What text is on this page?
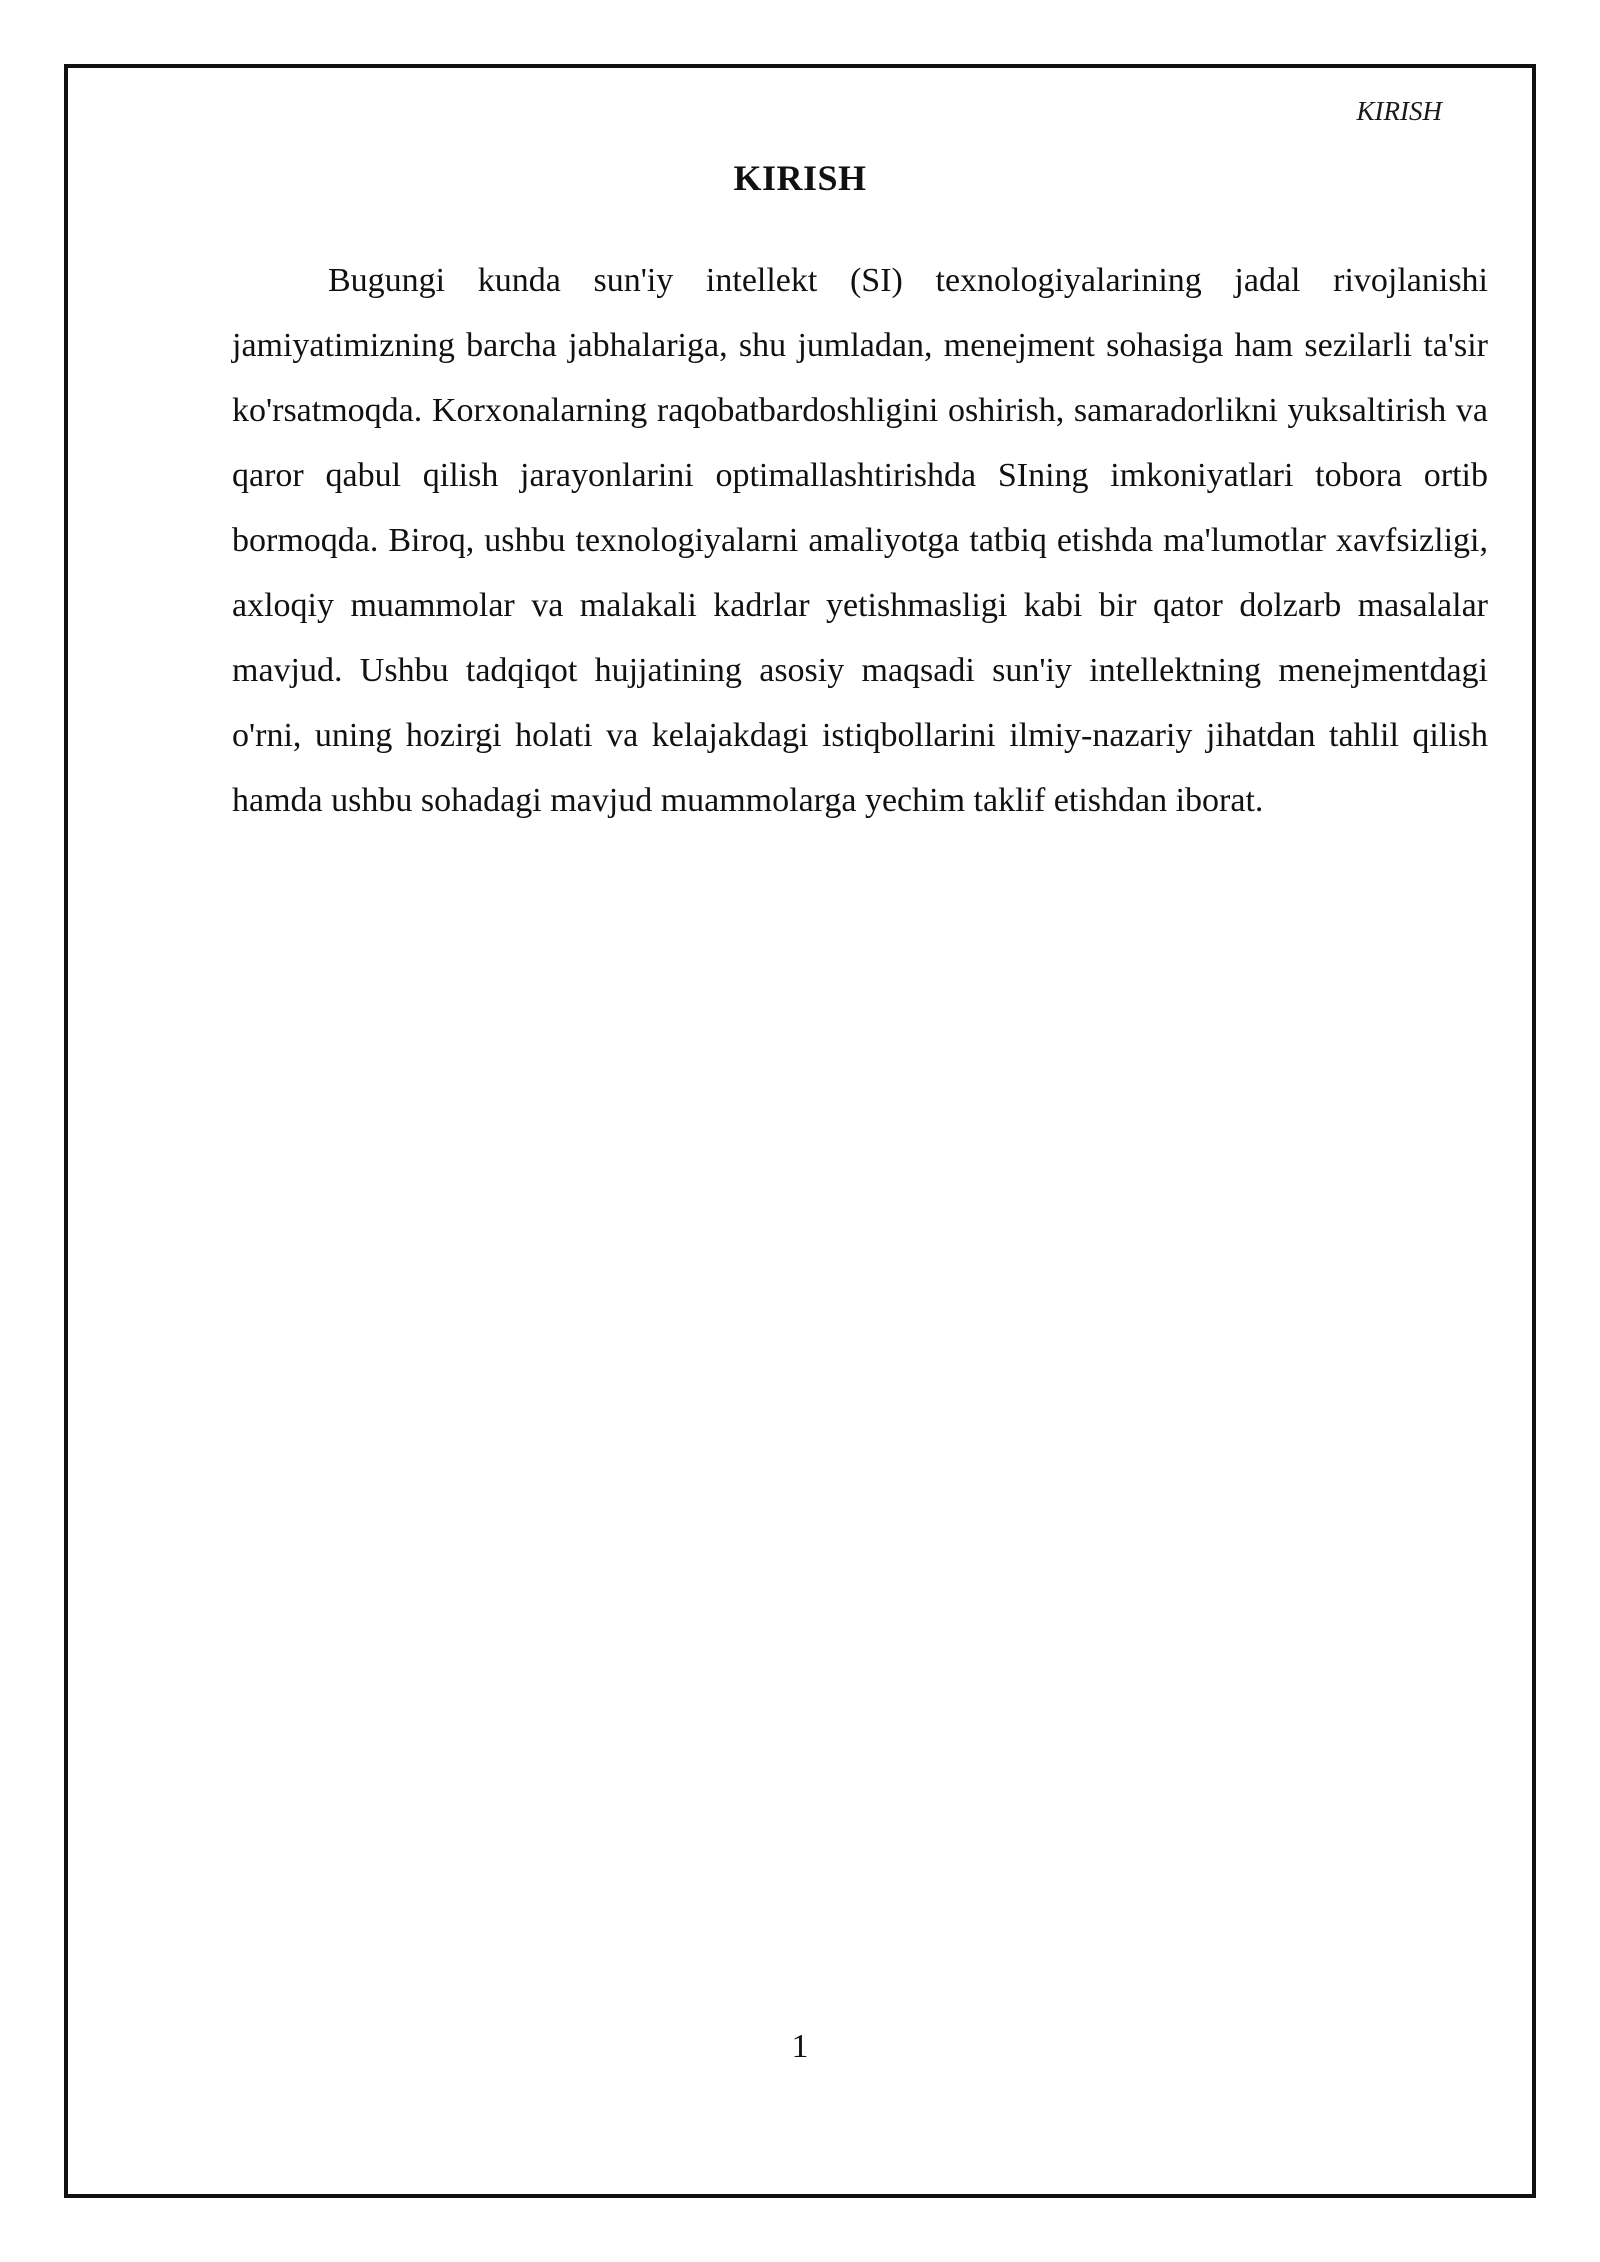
KIRISH
KIRISH

Bugungi kunda sun'iy intellekt (SI) texnologiyalarining jadal rivojlanishi jamiyatimizning barcha jabhalariga, shu jumladan, menejment sohasiga ham sezilarli ta'sir ko'rsatmoqda. Korxonalarning raqobatbardoshligini oshirish, samaradorlikni yuksaltirish va qaror qabul qilish jarayonlarini optimallashtirishda SIning imkoniyatlari tobora ortib bormoqda. Biroq, ushbu texnologiyalarni amaliyotga tatbiq etishda ma'lumotlar xavfsizligi, axloqiy muammolar va malakali kadrlar yetishmasligi kabi bir qator dolzarb masalalar mavjud. Ushbu tadqiqot hujjatining asosiy maqsadi sun'iy intellektning menejmentdagi o'rni, uning hozirgi holati va kelajakdagi istiqbollarini ilmiy-nazariy jihatdan tahlil qilish hamda ushbu sohadagi mavjud muammolarga yechim taklif etishdan iborat.

1
